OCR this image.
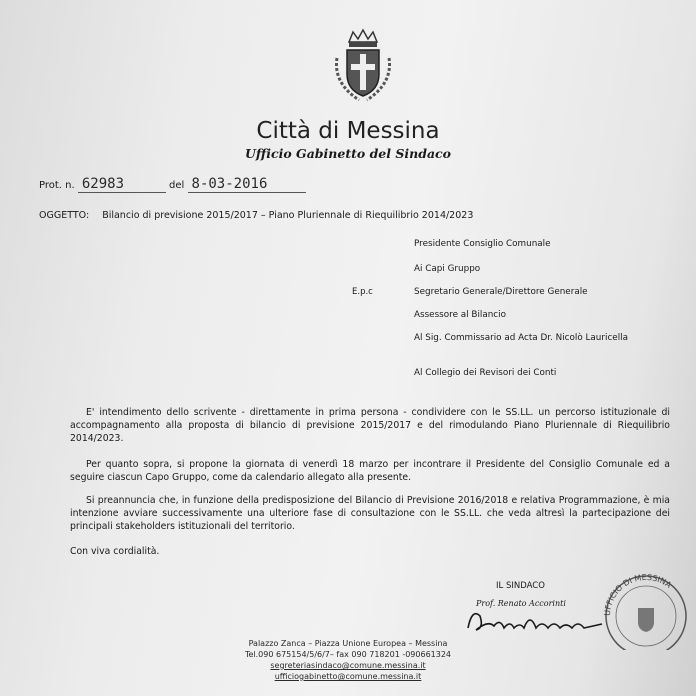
Città di Messina
Ufficio Gabinetto del Sindaco
Prot. n. 62983	del 8-03-2016
OGGETTO: Bilancio di previsione 2015/2017 – Piano Pluriennale di Riequilibrio 2014/2023
E.p.c
Presidente Consiglio Comunale
Ai Capi Gruppo
Segretario Generale/Direttore Generale
Assessore al Bilancio
Al Sig. Commissario ad Acta Dr. Nicolò Lauricella
Al Collegio dei Revisori dei Conti

E' intendimento dello scrivente - direttamente in prima persona - condividere con le SS.LL. un percorso istituzionale di accompagnamento alla proposta di bilancio di previsione 2015/2017 e del rimodulando Piano Pluriennale di Riequilibrio 2014/2023.

Per quanto sopra, si propone la giornata di venerdì 18 marzo per incontrare il Presidente del Consiglio Comunale ed a seguire ciascun Capo Gruppo, come da calendario allegato alla presente.

Si preannuncia che, in funzione della predisposizione del Bilancio di Previsione 2016/2018 e relativa Programmazione, è mia intenzione avviare successivamente una ulteriore fase di consultazione con le SS.LL. che veda altresì la partecipazione dei principali stakeholders istituzionali del territorio.

Con viva cordialità.
IL SINDACO
Prof. Renato Accorinti
UFFICIO DI MESSINA
Palazzo Zanca – Piazza Unione Europea – Messina
Tel.090 675154/5/6/7– fax 090 718201 -090661324
segreteriasindaco@comune.messina.it
ufficiogabinetto@comune.messina.it
